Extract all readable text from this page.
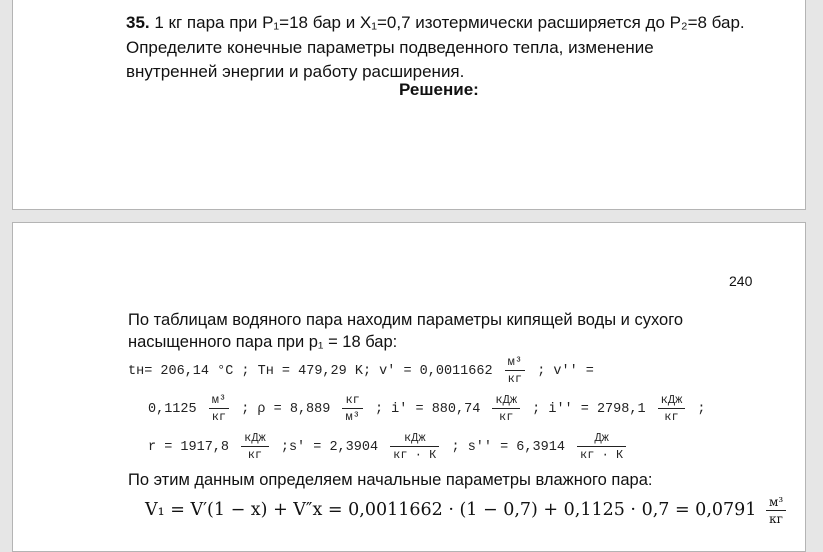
35. 1 кг пара при P₁=18 бар и X₁=0,7 изотермически расширяется до P₂=8 бар.
Определите конечные параметры подведенного тепла, изменение
внутренней энергии и работу расширения.
Решение:
240
По таблицам водяного пара находим параметры кипящей воды и сухого
насыщенного пара при p₁ = 18 бар:
tн= 206,14 °C ; Tн = 479,29 K; $v' = 0,0011662 \frac{\text{м³}}{кг}$ ; v'' =
$0,1125 \frac{\text{м³}}{кг}$ ; $\rho = 8,889 \frac{кг}{\text{м³}}$ ; $i' = 880,74 \frac{\text{кДж}}{кг}$ ; $i'' = 2798,1 \frac{\text{кДж}}{кг}$ ;
$r = 1917,8 \frac{\text{кДж}}{кг}$ ;s' = $2,3904 \frac{\text{кДж}}{кг \cdot К}$ ; $s'' = 6,3914 \frac{Дж}{кг \cdot К}$
По этим данным определяем начальные параметры влажного пара:
$V_1 = V'(1 - x) + V''x = 0,0011662 \cdot (1 - 0,7) + 0,1125 \cdot 0,7 = 0,0791 \frac{\text{м³}}{кг}$
